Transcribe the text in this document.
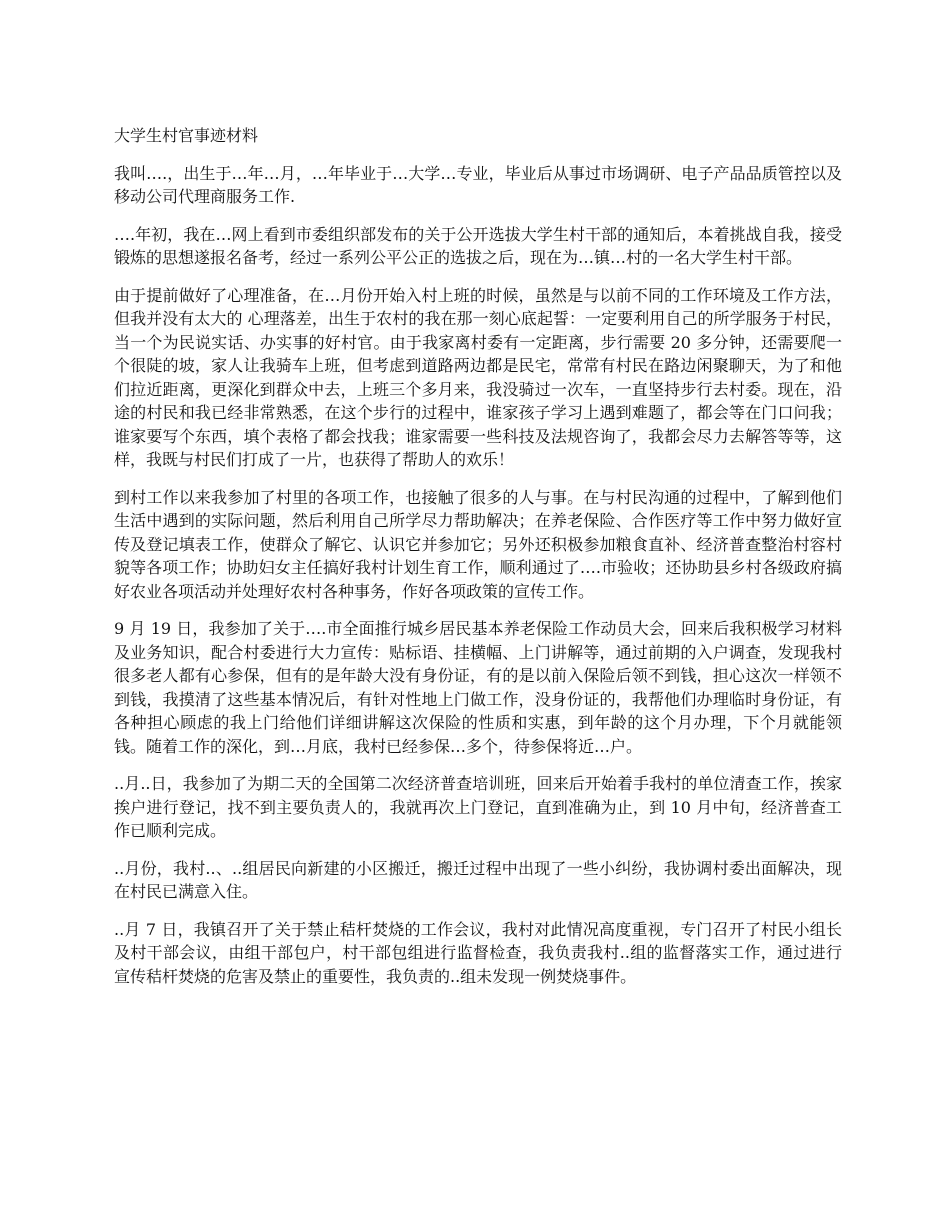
大学生村官事迹材料

我叫….，出生于…年…月，…年毕业于…大学…专业，毕业后从事过市场调研、电子产品品质管控以及移动公司代理商服务工作.

….年初，我在…网上看到市委组织部发布的关于公开选拔大学生村干部的通知后，本着挑战自我，接受锻炼的思想遂报名备考，经过一系列公平公正的选拔之后，现在为…镇…村的一名大学生村干部。

由于提前做好了心理准备，在…月份开始入村上班的时候，虽然是与以前不同的工作环境及工作方法，但我并没有太大的 心理落差，出生于农村的我在那一刻心底起誓：一定要利用自己的所学服务于村民，当一个为民说实话、办实事的好村官。由于我家离村委有一定距离，步行需要 20 多分钟，还需要爬一个很陡的坡，家人让我骑车上班，但考虑到道路两边都是民宅，常常有村民在路边闲聚聊天，为了和他们拉近距离，更深化到群众中去，上班三个多月来，我没骑过一次车，一直坚持步行去村委。现在，沿途的村民和我已经非常熟悉，在这个步行的过程中，谁家孩子学习上遇到难题了，都会等在门口问我；谁家要写个东西，填个表格了都会找我；谁家需要一些科技及法规咨询了，我都会尽力去解答等等，这样，我既与村民们打成了一片，也获得了帮助人的欢乐！

到村工作以来我参加了村里的各项工作，也接触了很多的人与事。在与村民沟通的过程中，了解到他们生活中遇到的实际问题，然后利用自己所学尽力帮助解决；在养老保险、合作医疗等工作中努力做好宣传及登记填表工作，使群众了解它、认识它并参加它；另外还积极参加粮食直补、经济普查整治村容村貌等各项工作；协助妇女主任搞好我村计划生育工作，顺利通过了….市验收；还协助县乡村各级政府搞好农业各项活动并处理好农村各种事务，作好各项政策的宣传工作。

9 月 19 日，我参加了关于….市全面推行城乡居民基本养老保险工作动员大会，回来后我积极学习材料及业务知识，配合村委进行大力宣传：贴标语、挂横幅、上门讲解等，通过前期的入户调查，发现我村很多老人都有心参保，但有的是年龄大没有身份证，有的是以前入保险后领不到钱，担心这次一样领不到钱，我摸清了这些基本情况后，有针对性地上门做工作，没身份证的，我帮他们办理临时身份证，有各种担心顾虑的我上门给他们详细讲解这次保险的性质和实惠，到年龄的这个月办理，下个月就能领钱。随着工作的深化，到…月底，我村已经参保…多个，待参保将近…户。

..月..日，我参加了为期二天的全国第二次经济普查培训班，回来后开始着手我村的单位清查工作，挨家挨户进行登记，找不到主要负责人的，我就再次上门登记，直到准确为止，到 10 月中旬，经济普查工作已顺利完成。

..月份，我村..、..组居民向新建的小区搬迁，搬迁过程中出现了一些小纠纷，我协调村委出面解决，现在村民已满意入住。

..月 7 日，我镇召开了关于禁止秸杆焚烧的工作会议，我村对此情况高度重视，专门召开了村民小组长及村干部会议，由组干部包户，村干部包组进行监督检查，我负责我村..组的监督落实工作，通过进行宣传秸杆焚烧的危害及禁止的重要性，我负责的..组未发现一例焚烧事件。
